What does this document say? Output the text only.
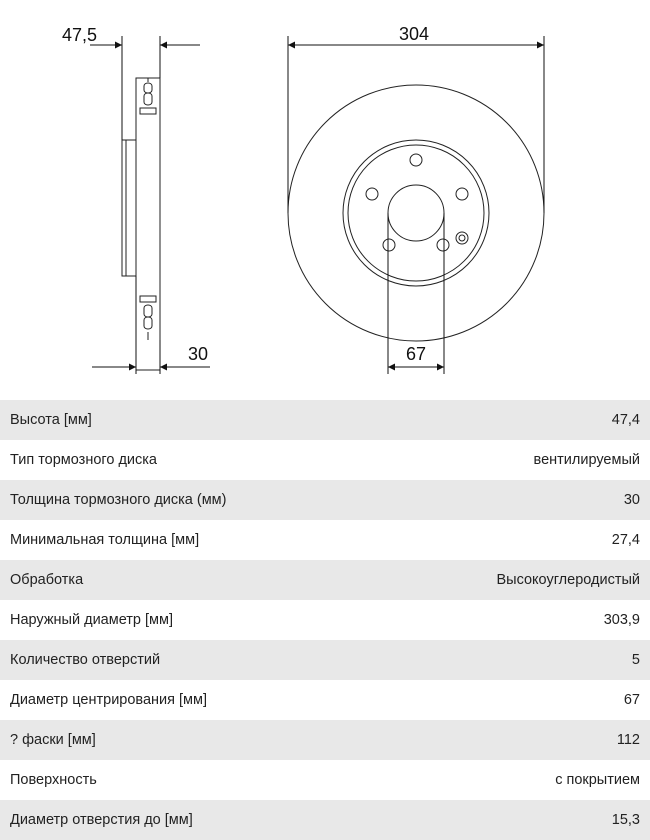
47,5
30
304
67
Высота [мм]	47,4
Тип тормозного диска	вентилируемый
Толщина тормозного диска (мм)	30
Минимальная толщина [мм]	27,4
Обработка	Высокоуглеродистый
Наружный диаметр [мм]	303,9
Количество отверстий	5
Диаметр центрирования [мм]	67
? фаски [мм]	112
Поверхность	с покрытием
Диаметр отверстия до [мм]	15,3
